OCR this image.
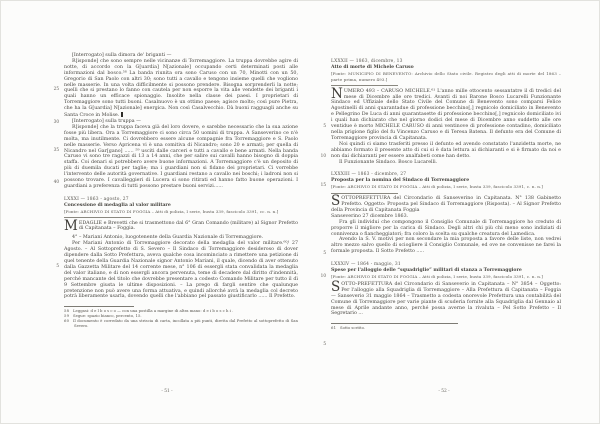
25
30
35
40
5
[Interrogato] sulla dimora de' briganti —

R[isponde] che sono sempre nelle vicinanze di Torremaggiore. La truppa dovrebbe agire di notte, di accordo con la G[uardia] N[azionale] occupando certi determinati posti alle informazioni dal bosco.⁵⁸ La banda riunita ora sono Caruso con un 70, Minotti con un 50, Gregorio di San Paolo con altri 30; sono tutti a cavallo e tengono insieme quelli che vogliono nelle masserie. In una volta difficilmente si possono prendere. Bisogna sorprenderli la notte; quelli che si prestano lo fanno con cautela per non esporre la vita alle vendette dei briganti i quali hanno un efficace spionaggio. Insolite nella classe dei paesi. I proprietari di Torremaggiore sono tutti buoni. Casalnuovo è un ottimo paese; agisce molto; così pure Pietra, che ha la G[uardia] N[azionale] energica. Non così Casalvecchio. Dà buoni ragguagli anche su Santa Croce in Molise.

[Interrogato] sulla truppa —

R[isponde] che la truppa faceva già del loro dovere, e sarebbe necessario che la sua azione fosse più libera. Ora a Torremaggiore ci sono circa 50 uomini di truppa. A Sanseverino ce n'è molta, ma inutilmente. Ci dovrebbero essere alcune compagnie fra Torremaggiore e S. Paolo nelle masserie. Verso Apricena vi è una comitiva di Nicandro; sono 20 e armati; per quella di Nicandro nel Gar[gano] ...... ⁵⁹ usciti dalle carceri e tutti a cavallo e bene armati. Nella banda Caruso vi sono tre ragazzi di 13 a 14 anni, che per salire sui cavalli hanno bisogno di doppia staffa. Coi denari si potrebbero avere buone informazioni. A Torremaggiore c'è un deposito di più di duemila ducati per taglie; ma i guardiani non si fidano dei proprietari. Ci vorrebbe l'intervento delle autorità governative. I guardiani restano a cavallo nei boschi; i ladroni non si possono trovare. I cavalleggieri di Lucera si sono ritirati ed hanno fatto buone operazioni. I guardiani a preferenza di tutti possono prestare buoni servizi......

LXXXI — 1863 - agosto, 27
Concessione di medaglia al valor militare
[Fonte: ARCHIVIO DI STATO DI FOGGIA – Atti di polizia, I serie, busta 339, fascicolo 3391, cc. n. n.]

MEDAGLIE e Brevetti che si trasmettono dal 6° Gran Comando (militare) al Signor Prefetto di Capitanata – Foggia.

4° – Mariani Antonio, luogotenente della Guardia Nazionale di Torremaggiore.

Per Mariani Antonio di Torremaggiore decorato della medaglia del valor militare.⁶⁰/ 27 Agosto. – Al Sottoprefetto di S. Severo – Il Sindaco di Torremaggiore desideroso di dover dipendere dalla Sotto Prefettura, aveva qualche cosa incominciato a rimettere una petizione di quel tenente della Guardia Nazionale signor Antonio Mariani, il quale, dicendo di aver ottenuto dalla Gazzetta Militare del 14 corrente mese, n° 106 di essergli stata convalidata la medaglia del valor italiano, e di non essergli ancora pervenuta, teme di decadere dal diritto d'indennità, perché mancante del titolo che dovrebbe presentare a codesto Comando Militare per tutto il dì 9 Settembre giusta le ultime disposizioni. – La prego di fargli sentire che qualunque pretenzione non può avere una forma attuativa, e quindi allorché avrà la medaglia col decreto potrà liberamente usarla, dovendo quelli che l'abbiano pel passato giustificarlo ...... Il Prefetto.

58 Leggasi: d e l b o s c o — con una postilla a margine di altra mano: d e i b o s c h i .
59 Segue: spazio bianco, percento, 15.
60 Il documento è corredato da una striscia di carta, incollata a più punti, diretta dal Prefetto al sottoprefetto di San Severo.
5
10
15
5
10
5
LXXXII — 1863, dicembre, 13
Atto di morte di Michele Caruso
[Fonte: MUNICIPIO DI BENEVENTO: Archivio dello Stato civile. Registro degli atti di morte del 1863 – parte prima, numero 493.]

NUMERO 493 – CARUSO MICHELE.⁶¹ L'anno mille ottocento sessantatre il dì tredici del mese di Dicembre alle ore tredici. Avanti di noi Barone Bosco Lucarelli Funzionante Sindaco ed Uffiziale dello Stato Civile del Comune di Benevento sono comparsi Felice Agostinelli di anni quarantadue di professione becchino[,] regnicolo domiciliato in Benevento e Pellegrino De Luca di anni quarantasette di professione becchino[,] regnicolo domiciliato ivi i quali han dichiarato che nel giorno dodici del mese di Dicembre anno suddetto alle ore ventidue è morto MICHELE CARUSO di anni ventinove di professione contadino, domiciliato nella prigione figlio del fu Vincenzo Caruso e di Teresa Batena. Il defunto era del Comune di Torremaggiore provincia di Capitanata.

Noi quindi ci siamo trasferiti presso il defunto ed avendo constatato l'anzidetta morte, ne abbiamo formato il presente atto di cui si è data lettura ai dichiaranti e si è firmato da noi e non dai dichiaranti per essere analfabeti come han detto.

Il Funzionante Sindaco. Bosco Lucarelli.

LXXXIII — 1863 - dicembre, 27
Proposta per la nomina del Sindaco di Torremaggiore
[Fonte: ARCHIVIO DI STATO DI FOGGIA – Atti di polizia, I serie, busta 339, fascicolo 3391, c. n. n.]

SOTTOPREFETTURA del Circondario di Sanseverino in Capitanata. N° 138 Gabinetto Prefetto. Oggetto: Proposta pel Sindaco di Torremaggiore (Risposta). – Al Signor Prefetto della Provincia di Capitanata Foggia

Sanseverino 27 dicembre 1863.

Fra gli individui che compongono il Consiglio Comunale di Torremaggiore ho creduto di proporre il migliore per la carica di Sindaco. Degli altri chi più chi meno sono indiziati di connivenza o fiancheggiatori; fra coloro la scelta su qualche creatura del Lamedica.

Avendo la S. V. motivi per non secondare la mia proposta a favore delle liste, non vedrei altro mezzo salvo quello di sciogliere il Consiglio Comunale, ed ove ne convenisse ne farei la formale proposta. Il Sotto Prefetto .....

LXXXIV — 1864 - maggio, 31
Spese per l'alloggio delle “squadriglie” militari di stanza a Torremaggiore
[Fonte: ARCHIVIO DI STATO DI FOGGIA – Atti di polizia, I serie, busta 339, fascicolo 3391, c. n. n.]

SOTTO-PREFETTURA del Circondario di Sanseverio in Capitanata – N° 3854 – Oggetto: Per l'alloggio alla Squadriglia di Torremaggiore – Alla Prefettura di Capitanata – Foggia — Sanseverio 31 maggio 1864 – Trasmetto a codesta onorevole Prefettura una contabilità del Comune di Torremaggiore per varie piante di scuderia fornite alla Squadriglia dal Gennaio al mese di Aprile andante anno, perché possa averne la rivaluta – Pel Sotto Prefetto – Il Segretario ...

61 Sotto scritto.
- 51 -	- 52 -
